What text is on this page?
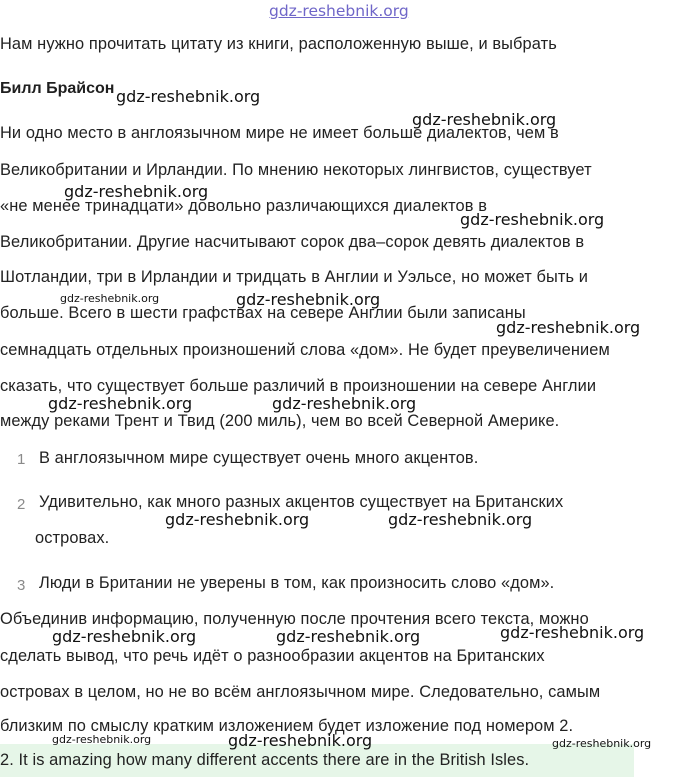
gdz-reshebnik.org
Нам нужно прочитать цитату из книги, расположенную выше, и выбрать
Билл Брайсон
Ни одно место в англоязычном мире не имеет больше диалектов, чем в
Великобритании и Ирландии. По мнению некоторых лингвистов, существует
«не менее тринадцати» довольно различающихся диалектов в
Великобритании. Другие насчитывают сорок два–сорок девять диалектов в
Шотландии, три в Ирландии и тридцать в Англии и Уэльсе, но может быть и
больше. Всего в шести графствах на севере Англии были записаны
семнадцать отдельных произношений слова «дом». Не будет преувеличением
сказать, что существует больше различий в произношении на севере Англии
между реками Трент и Твид (200 миль), чем во всей Северной Америке.
1 В англоязычном мире существует очень много акцентов.
2 Удивительно, как много разных акцентов существует на Британских
островах.
3 Люди в Британии не уверены в том, как произносить слово «дом».
Объединив информацию, полученную после прочтения всего текста, можно
сделать вывод, что речь идёт о разнообразии акцентов на Британских
островах в целом, но не во всём англоязычном мире. Следовательно, самым
близким по смыслу кратким изложением будет изложение под номером 2.
2. It is amazing how many different accents there are in the British Isles.
gdz-reshebnik.org
gdz-reshebnik.org
gdz-reshebnik.org
gdz-reshebnik.org
gdz-reshebnik.org	gdz-reshebnik.org
gdz-reshebnik.org
gdz-reshebnik.org	gdz-reshebnik.org
gdz-reshebnik.org	gdz-reshebnik.org
gdz-reshebnik.org	gdz-reshebnik.org	gdz-reshebnik.org
gdz-reshebnik.org	gdz-reshebnik.org	gdz-reshebnik.org
